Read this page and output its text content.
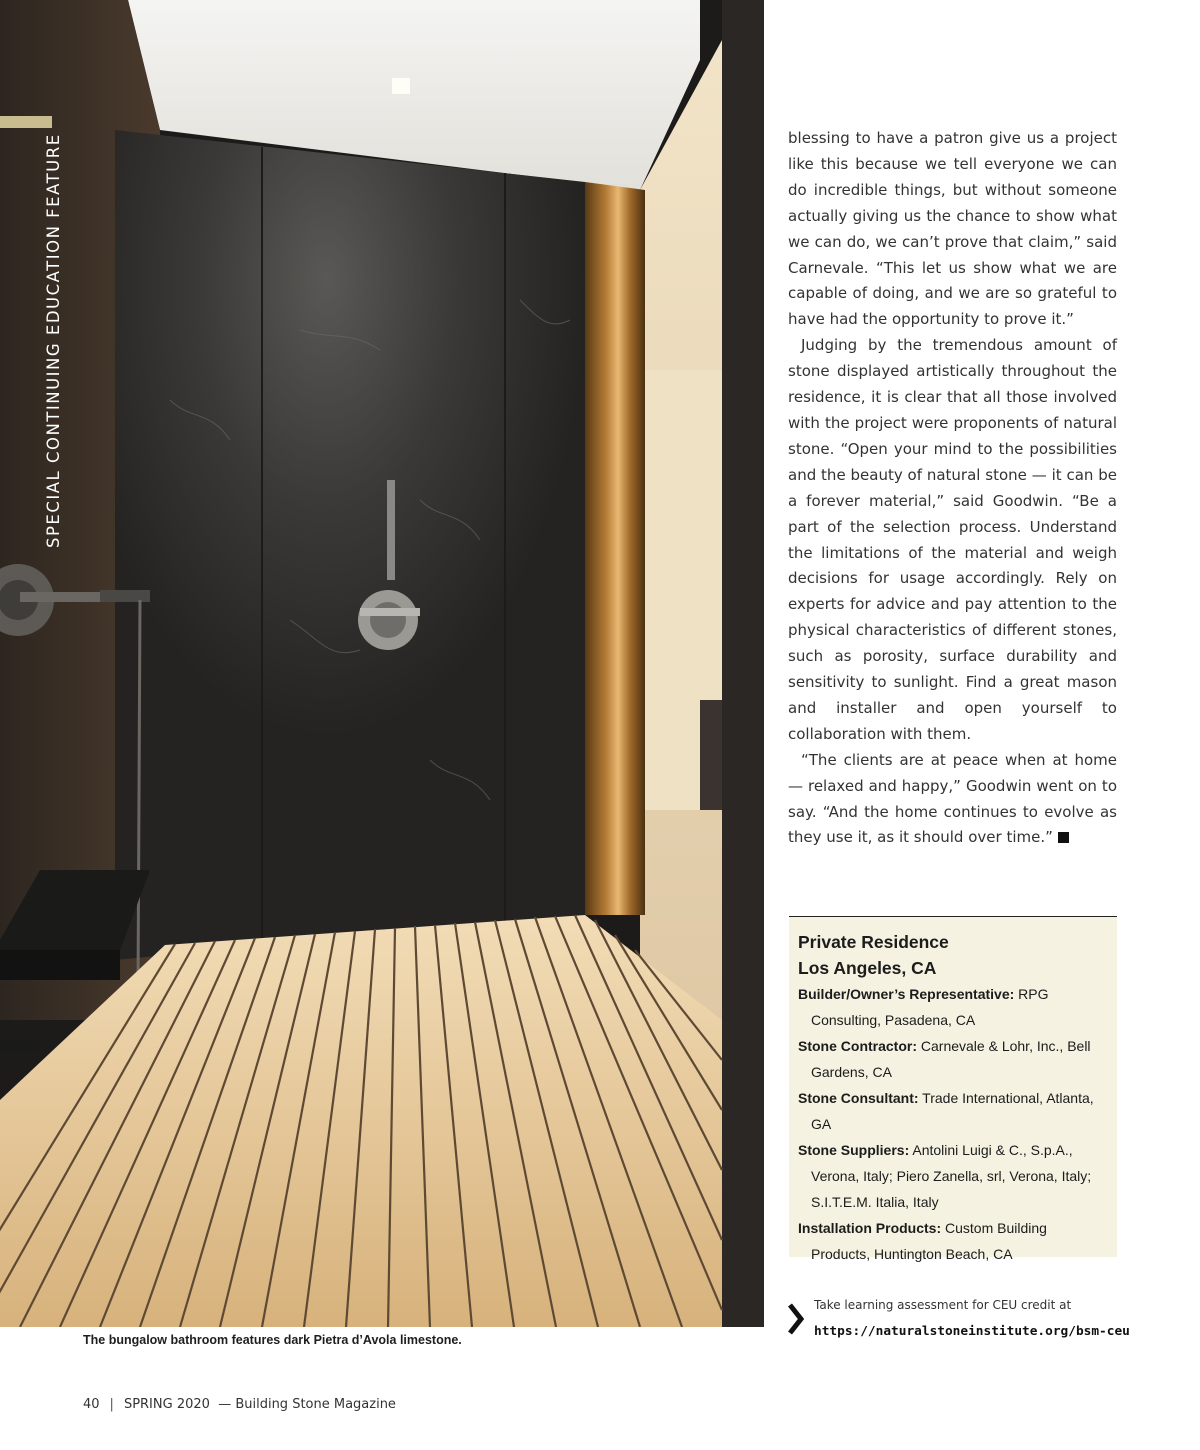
SPECIAL CONTINUING EDUCATION FEATURE
The bungalow bathroom features dark Pietra d’Avola limestone.

blessing to have a patron give us a project like this because we tell everyone we can do incredible things, but without someone actually giving us the chance to show what we can do, we can’t prove that claim,” said Carnevale. “This let us show what we are capable of doing, and we are so grateful to have had the opportunity to prove it.”

Judging by the tremendous amount of stone displayed artistically throughout the residence, it is clear that all those involved with the project were proponents of natural stone. “Open your mind to the possibilities and the beauty of natural stone — it can be a forever material,” said Goodwin. “Be a part of the selection process. Understand the limitations of the material and weigh decisions for usage accordingly. Rely on experts for advice and pay attention to the physical characteristics of different stones, such as porosity, surface durability and sensitivity to sunlight. Find a great mason and installer and open yourself to collaboration with them.

“The clients are at peace when at home — relaxed and happy,” Goodwin went on to say. “And the home continues to evolve as they use it, as it should over time.”

Private Residence
Los Angeles, CA
Builder/Owner’s Representative: RPG Consulting, Pasadena, CA
Stone Contractor: Carnevale & Lohr, Inc., Bell Gardens, CA
Stone Consultant: Trade International, Atlanta, GA
Stone Suppliers: Antolini Luigi & C., S.p.A., Verona, Italy; Piero Zanella, srl, Verona, Italy; S.I.T.E.M. Italia, Italy
Installation Products: Custom Building Products, Huntington Beach, CA
Take learning assessment for CEU credit at
https://naturalstoneinstitute.org/bsm-ceu
40 | SPRING 2020 — Building Stone Magazine
